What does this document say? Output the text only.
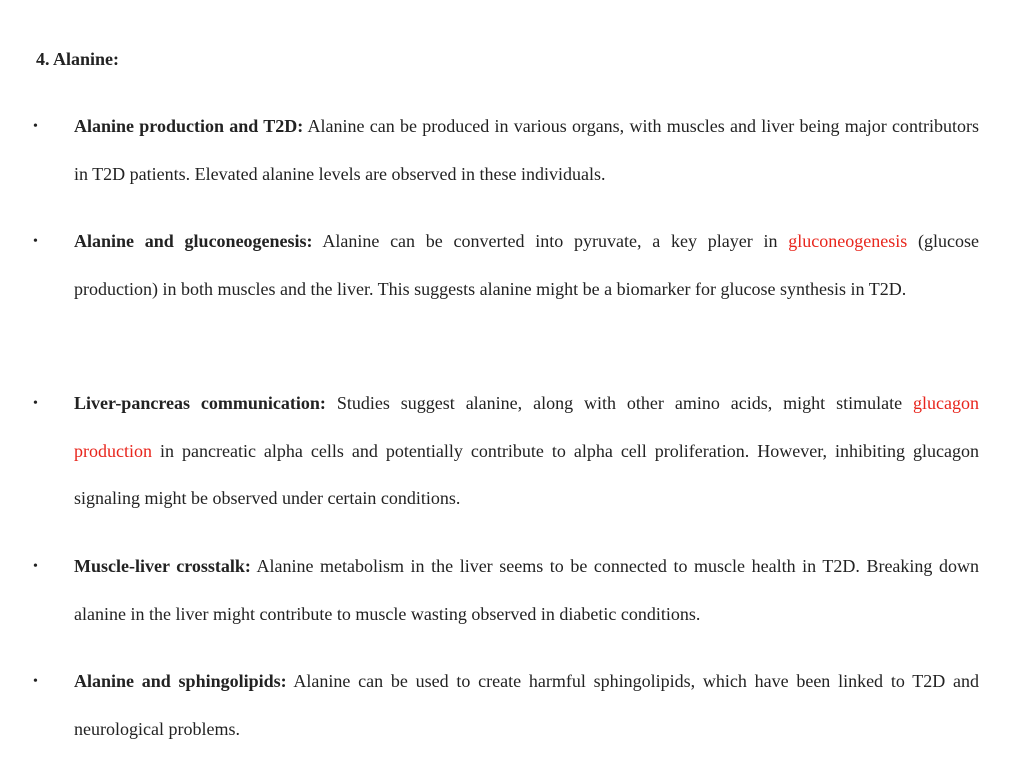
4. Alanine:
• Alanine production and T2D: Alanine can be produced in various organs, with muscles and liver being major contributors in T2D patients. Elevated alanine levels are observed in these individuals.
• Alanine and gluconeogenesis: Alanine can be converted into pyruvate, a key player in gluconeogenesis (glucose production) in both muscles and the liver. This suggests alanine might be a biomarker for glucose synthesis in T2D.
• Liver-pancreas communication: Studies suggest alanine, along with other amino acids, might stimulate glucagon production in pancreatic alpha cells and potentially contribute to alpha cell proliferation. However, inhibiting glucagon signaling might be observed under certain conditions.
• Muscle-liver crosstalk: Alanine metabolism in the liver seems to be connected to muscle health in T2D. Breaking down alanine in the liver might contribute to muscle wasting observed in diabetic conditions.
• Alanine and sphingolipids: Alanine can be used to create harmful sphingolipids, which have been linked to T2D and neurological problems.
